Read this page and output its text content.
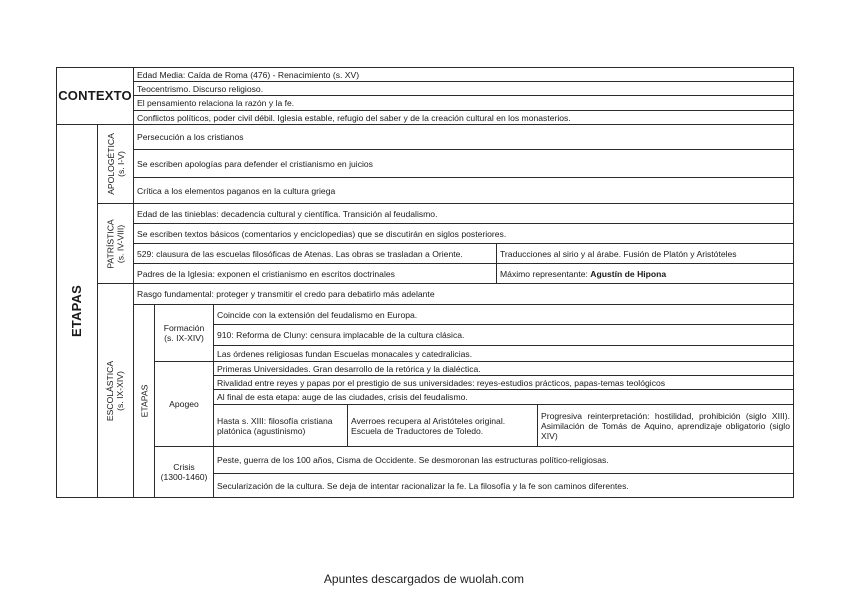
CONTEXTO
Edad Media: Caída de Roma (476) - Renacimiento (s. XV)
Teocentrismo. Discurso religioso.
El pensamiento relaciona la razón y la fe.
Conflictos políticos, poder civil débil. Iglesia estable, refugio del saber y de la creación cultural en los monasterios.
ETAPAS
APOLOGÉTICA (s. I-V)
Persecución a los cristianos
Se escriben apologías para defender el cristianismo en juicios
Crítica a los elementos paganos en la cultura griega
PATRÍSTICA (s. IV-VIII)
Edad de las tinieblas: decadencia cultural y científica. Transición al feudalismo.
Se escriben textos básicos (comentarios y enciclopedias) que se discutirán en siglos posteriores.
529: clausura de las escuelas filosóficas de Atenas. Las obras se trasladan a Oriente.	Traducciones al sirio y al árabe. Fusión de Platón y Aristóteles
Padres de la Iglesia: exponen el cristianismo en escritos doctrinales	Máximo representante: Agustín de Hipona
ESCOLÁSTICA (s. IX-XIV)
Rasgo fundamental: proteger y transmitir el credo para debatirlo más adelante
ETAPAS
Formación
(s. IX-XIV)
Coincide con la extensión del feudalismo en Europa.
910: Reforma de Cluny: censura implacable de la cultura clásica.
Las órdenes religiosas fundan Escuelas monacales y catedralicias.
Apogeo
Primeras Universidades. Gran desarrollo de la retórica y la dialéctica.
Rivalidad entre reyes y papas por el prestigio de sus universidades: reyes-estudios prácticos, papas-temas teológicos
Al final de esta etapa: auge de las ciudades, crisis del feudalismo.
Hasta s. XIII: filosofía cristiana platónica (agustinismo)
Averroes recupera al Aristóteles original. Escuela de Traductores de Toledo.
Progresiva reinterpretación: hostilidad, prohibición (siglo XIII). Asimilación de Tomás de Aquino, aprendizaje obligatorio (siglo XIV)
Crisis
(1300-1460)
Peste, guerra de los 100 años, Cisma de Occidente. Se desmoronan las estructuras político-religiosas.
Secularización de la cultura. Se deja de intentar racionalizar la fe. La filosofía y la fe son caminos diferentes.
Apuntes descargados de wuolah.com
